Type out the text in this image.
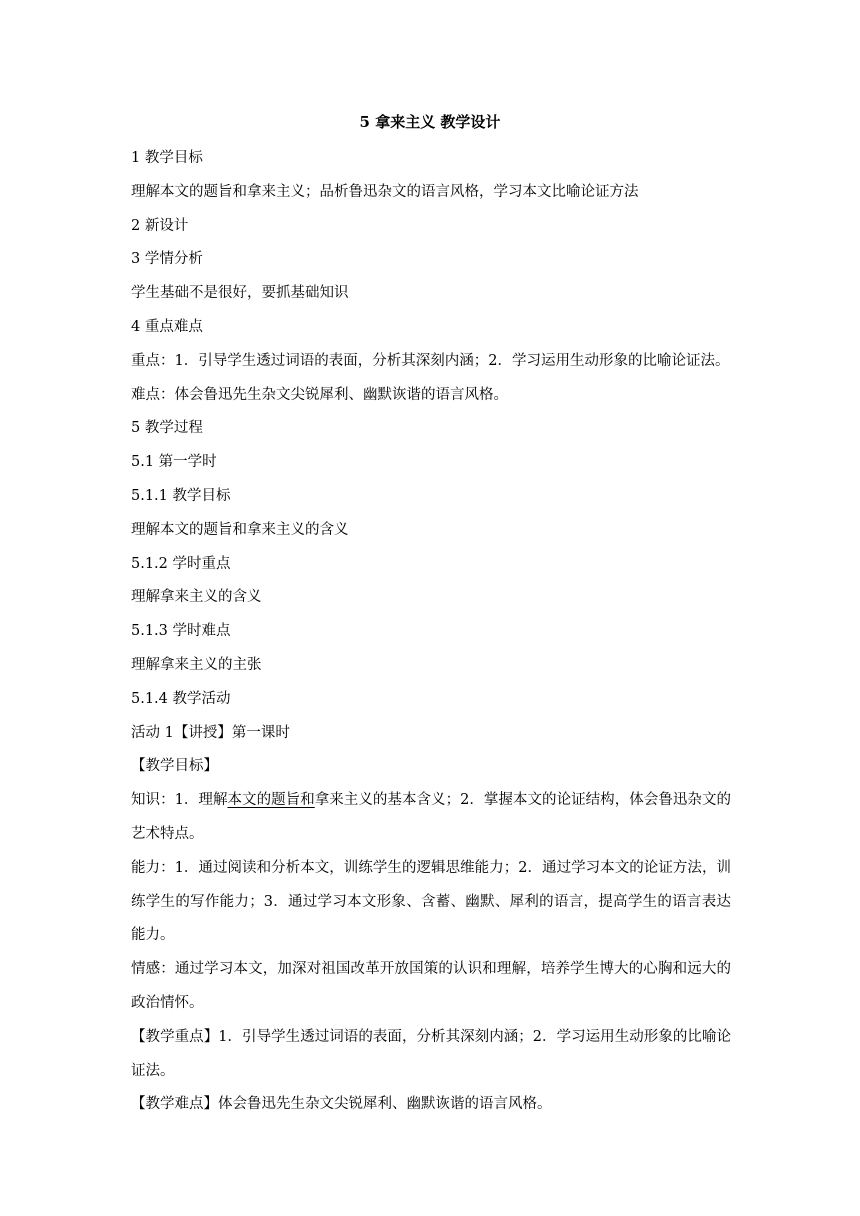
5 拿来主义 教学设计
1 教学目标
理解本文的题旨和拿来主义；品析鲁迅杂文的语言风格，学习本文比喻论证方法
2 新设计
3 学情分析
学生基础不是很好，要抓基础知识
4 重点难点
重点：1．引导学生透过词语的表面，分析其深刻内涵；2．学习运用生动形象的比喻论证法。
难点：体会鲁迅先生杂文尖锐犀利、幽默诙谐的语言风格。
5 教学过程
5.1 第一学时
5.1.1 教学目标
理解本文的题旨和拿来主义的含义
5.1.2 学时重点
理解拿来主义的含义
5.1.3 学时难点
理解拿来主义的主张
5.1.4 教学活动
活动 1【讲授】第一课时
【教学目标】
知识：1．理解本文的题旨和拿来主义的基本含义；2．掌握本文的论证结构，体会鲁迅杂文的艺术特点。
能力：1．通过阅读和分析本文，训练学生的逻辑思维能力；2．通过学习本文的论证方法，训练学生的写作能力；3．通过学习本文形象、含蓄、幽默、犀利的语言，提高学生的语言表达能力。
情感：通过学习本文，加深对祖国改革开放国策的认识和理解，培养学生博大的心胸和远大的政治情怀。
【教学重点】1．引导学生透过词语的表面，分析其深刻内涵；2．学习运用生动形象的比喻论证法。
【教学难点】体会鲁迅先生杂文尖锐犀利、幽默诙谐的语言风格。
